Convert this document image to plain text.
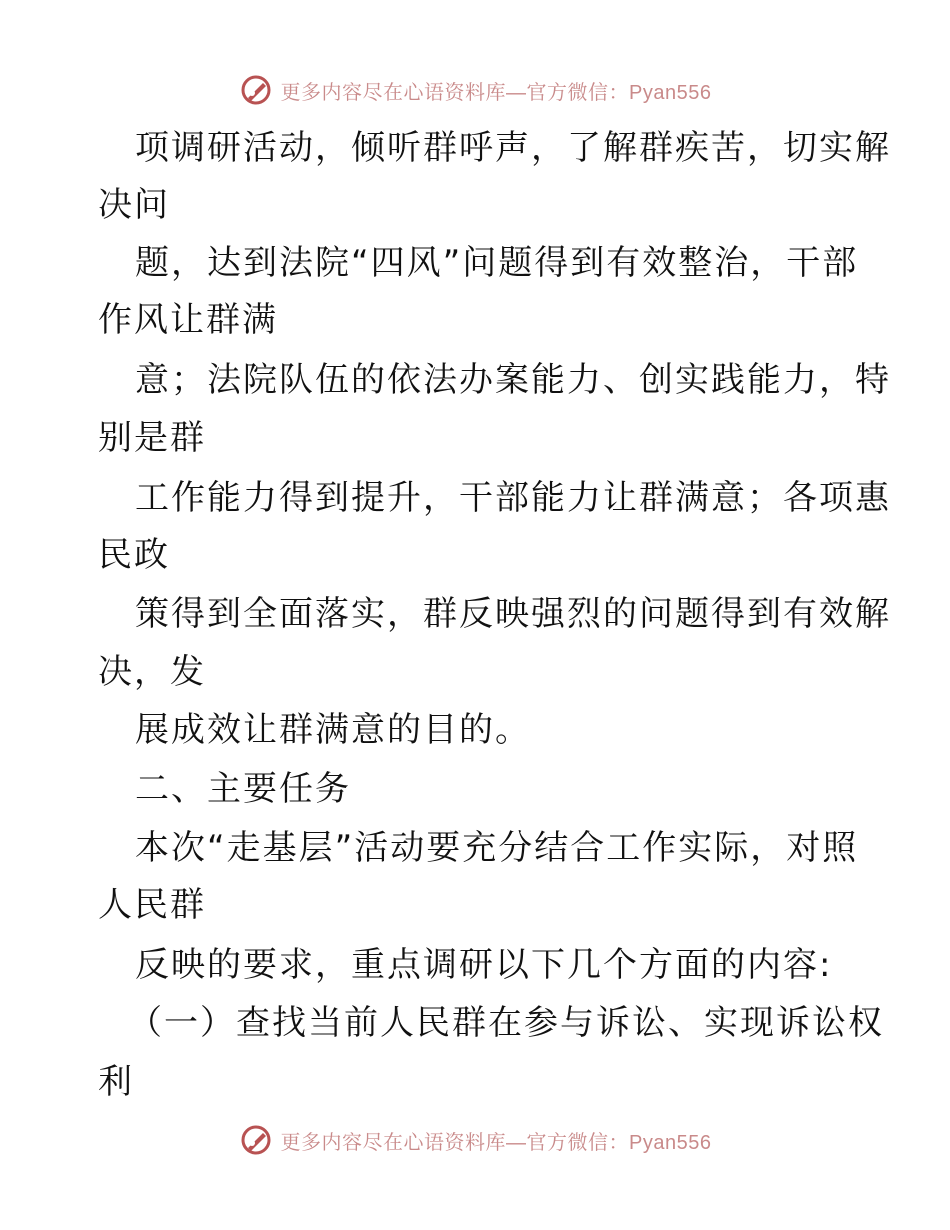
更多内容尽在心语资料库—官方微信：Pyan556
项调研活动，倾听群呼声，了解群疾苦，切实解
决问
题，达到法院“四风”问题得到有效整治，干部
作风让群满
意；法院队伍的依法办案能力、创实践能力，特
别是群
工作能力得到提升，干部能力让群满意；各项惠
民政
策得到全面落实，群反映强烈的问题得到有效解
决，发
展成效让群满意的目的。
二、主要任务
本次“走基层”活动要充分结合工作实际，对照
人民群
反映的要求，重点调研以下几个方面的内容:
（一）查找当前人民群在参与诉讼、实现诉讼权
利
更多内容尽在心语资料库—官方微信：Pyan556
